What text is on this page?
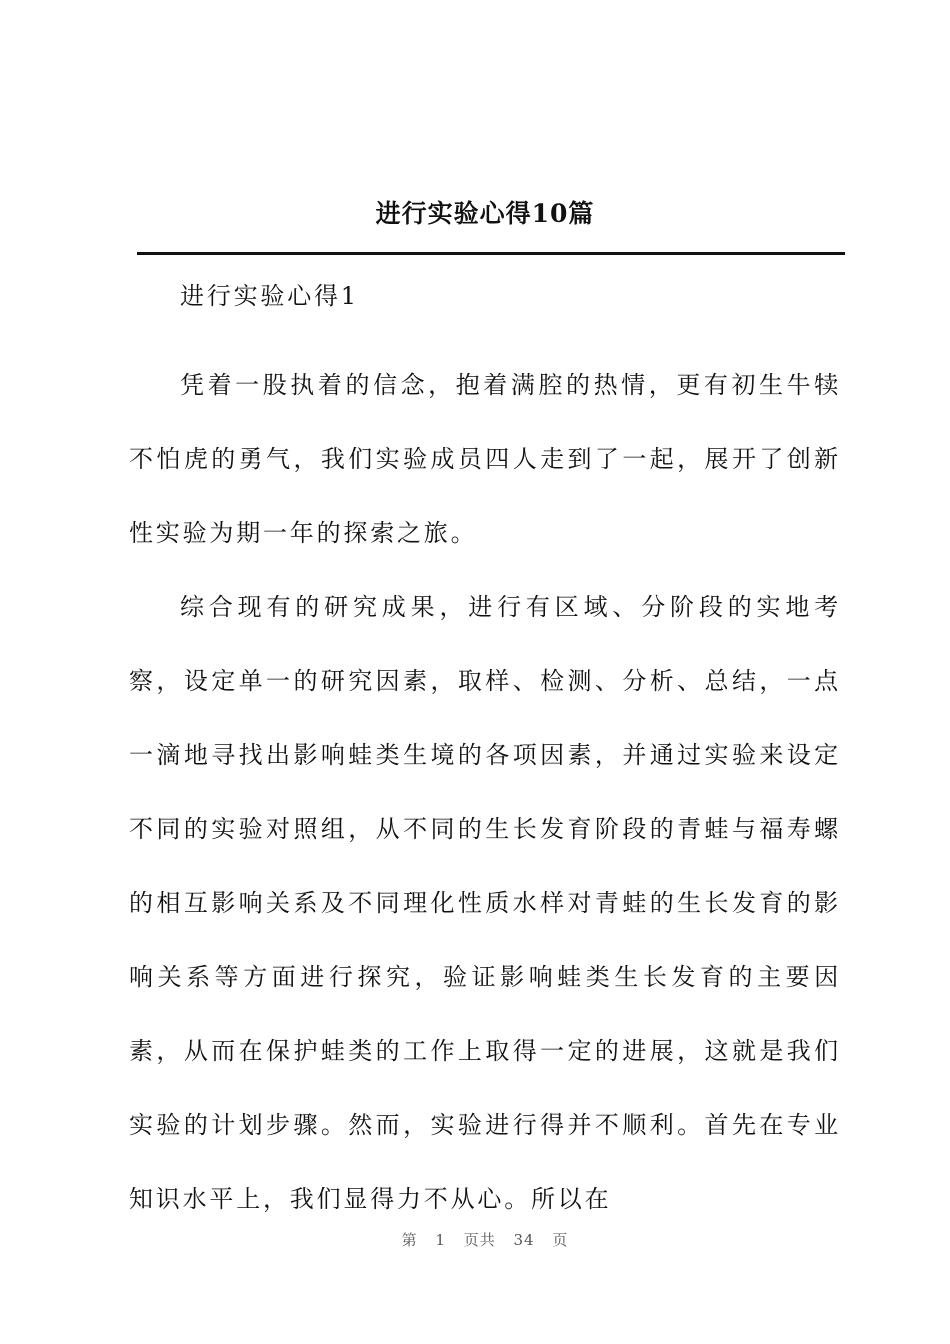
进行实验心得10篇
进行实验心得1

凭着一股执着的信念，抱着满腔的热情，更有初生牛犊不怕虎的勇气，我们实验成员四人走到了一起，展开了创新性实验为期一年的探索之旅。

综合现有的研究成果，进行有区域、分阶段的实地考察，设定单一的研究因素，取样、检测、分析、总结，一点一滴地寻找出影响蛙类生境的各项因素，并通过实验来设定不同的实验对照组，从不同的生长发育阶段的青蛙与福寿螺的相互影响关系及不同理化性质水样对青蛙的生长发育的影响关系等方面进行探究，验证影响蛙类生长发育的主要因素，从而在保护蛙类的工作上取得一定的进展，这就是我们实验的计划步骤。然而，实验进行得并不顺利。首先在专业知识水平上，我们显得力不从心。所以在

第 1 页共 34 页
